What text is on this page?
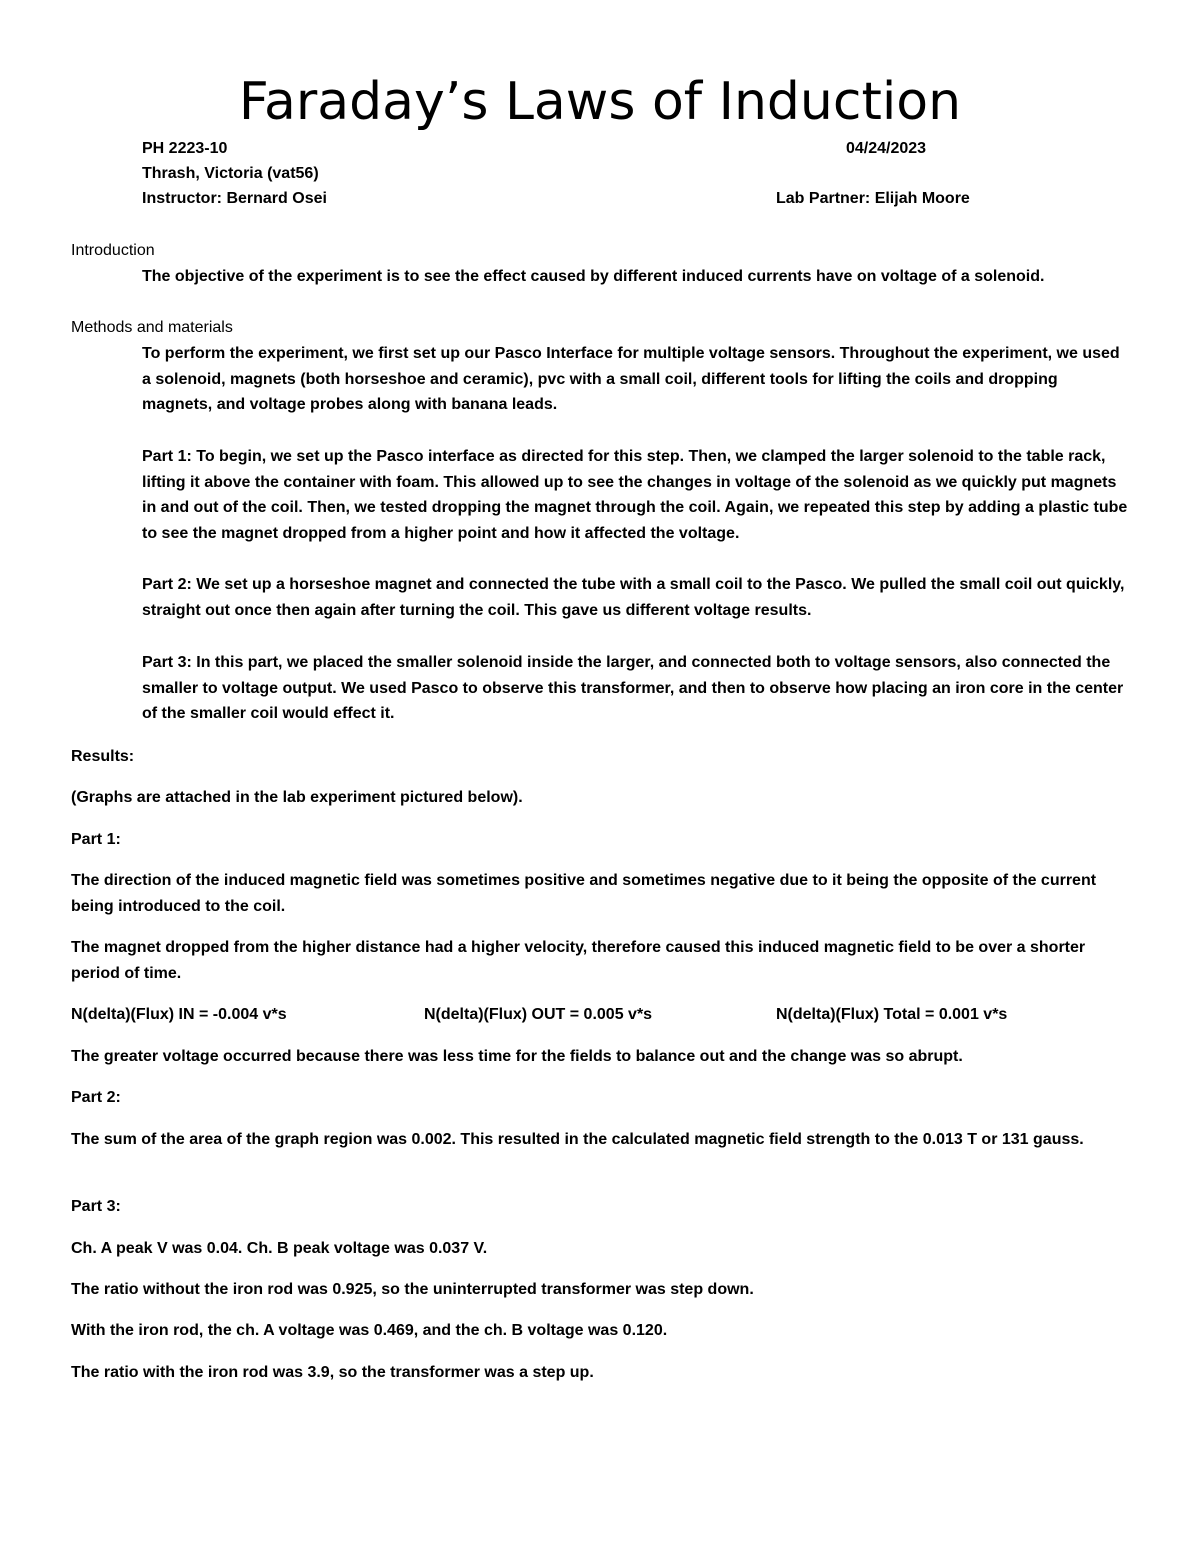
Faraday’s Laws of Induction
PH 2223-10	04/24/2023
Thrash, Victoria (vat56)
Instructor: Bernard Osei	Lab Partner: Elijah Moore
Introduction
The objective of the experiment is to see the effect caused by different induced currents have on voltage of a solenoid.
Methods and materials
To perform the experiment, we first set up our Pasco Interface for multiple voltage sensors. Throughout the experiment, we used a solenoid, magnets (both horseshoe and ceramic), pvc with a small coil, different tools for lifting the coils and dropping magnets, and voltage probes along with banana leads.
Part 1: To begin, we set up the Pasco interface as directed for this step. Then, we clamped the larger solenoid to the table rack, lifting it above the container with foam. This allowed up to see the changes in voltage of the solenoid as we quickly put magnets in and out of the coil. Then, we tested dropping the magnet through the coil. Again, we repeated this step by adding a plastic tube to see the magnet dropped from a higher point and how it affected the voltage.
Part 2: We set up a horseshoe magnet and connected the tube with a small coil to the Pasco. We pulled the small coil out quickly, straight out once then again after turning the coil. This gave us different voltage results.
Part 3: In this part, we placed the smaller solenoid inside the larger, and connected both to voltage sensors, also connected the smaller to voltage output. We used Pasco to observe this transformer, and then to observe how placing an iron core in the center of the smaller coil would effect it.
Results:
(Graphs are attached in the lab experiment pictured below).
Part 1:
The direction of the induced magnetic field was sometimes positive and sometimes negative due to it being the opposite of the current being introduced to the coil.
The magnet dropped from the higher distance had a higher velocity, therefore caused this induced magnetic field to be over a shorter period of time.
N(delta)(Flux) IN = -0.004 v*s	N(delta)(Flux) OUT = 0.005 v*s	N(delta)(Flux) Total = 0.001 v*s
The greater voltage occurred because there was less time for the fields to balance out and the change was so abrupt.
Part 2:
The sum of the area of the graph region was 0.002. This resulted in the calculated magnetic field strength to the 0.013 T or 131 gauss.
Part 3:
Ch. A peak V was 0.04. Ch. B peak voltage was 0.037 V.
The ratio without the iron rod was 0.925, so the uninterrupted transformer was step down.
With the iron rod, the ch. A voltage was 0.469, and the ch. B voltage was 0.120.
The ratio with the iron rod was 3.9, so the transformer was a step up.
